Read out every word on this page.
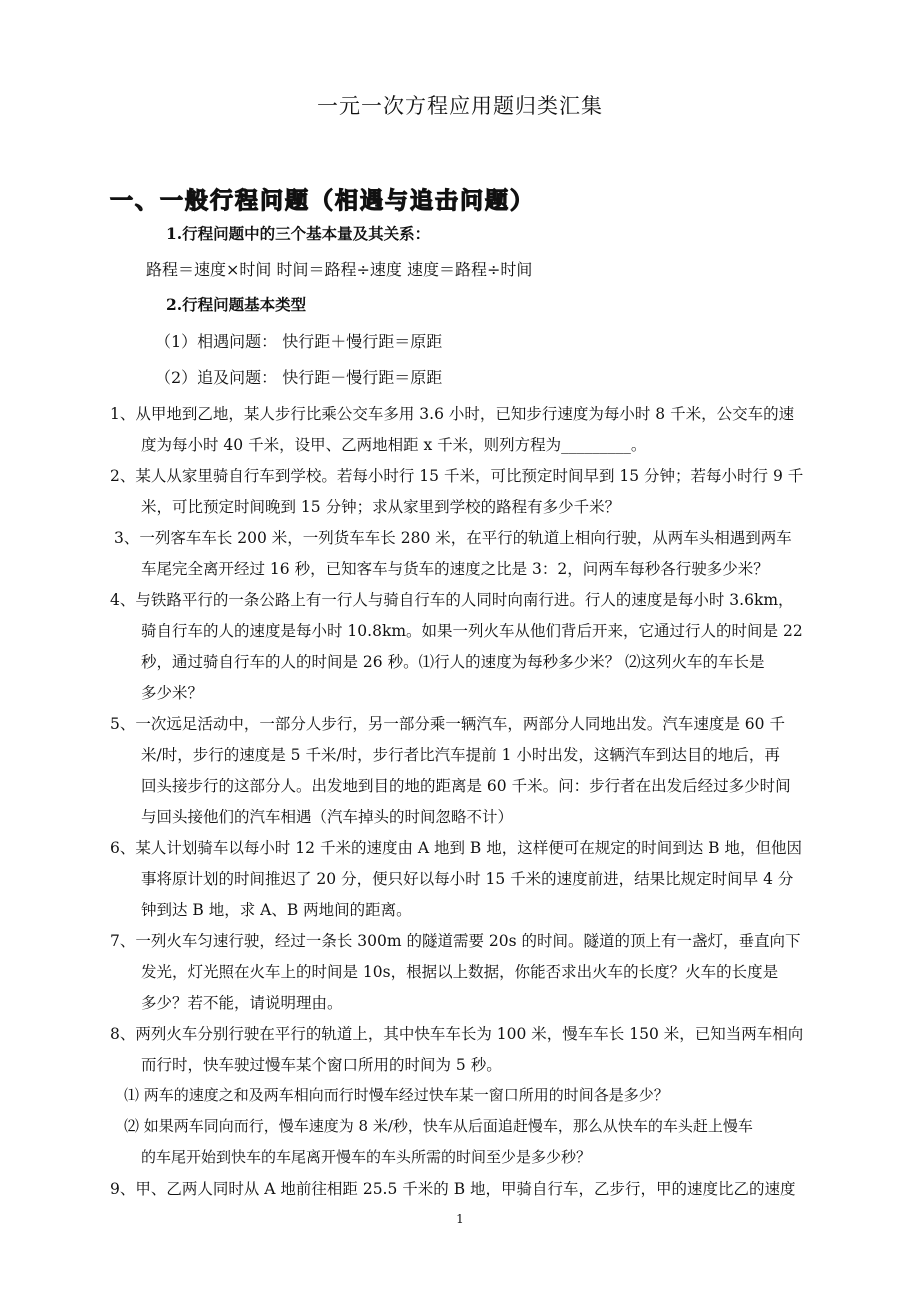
一元一次方程应用题归类汇集
一、一般行程问题（相遇与追击问题）
1.行程问题中的三个基本量及其关系：
路程＝速度×时间 时间＝路程÷速度 速度＝路程÷时间
2.行程问题基本类型
（1）相遇问题： 快行距＋慢行距＝原距
（2）追及问题： 快行距－慢行距＝原距
1、从甲地到乙地，某人步行比乘公交车多用 3.6 小时，已知步行速度为每小时 8 千米，公交车的速
度为每小时 40 千米，设甲、乙两地相距 x 千米，则列方程为_________。
2、某人从家里骑自行车到学校。若每小时行 15 千米，可比预定时间早到 15 分钟；若每小时行 9 千
米，可比预定时间晚到 15 分钟；求从家里到学校的路程有多少千米？
3、一列客车车长 200 米，一列货车车长 280 米，在平行的轨道上相向行驶，从两车头相遇到两车
车尾完全离开经过 16 秒，已知客车与货车的速度之比是 3：2，问两车每秒各行驶多少米？
4、与铁路平行的一条公路上有一行人与骑自行车的人同时向南行进。行人的速度是每小时 3.6km，
骑自行车的人的速度是每小时 10.8km。如果一列火车从他们背后开来，它通过行人的时间是 22
秒，通过骑自行车的人的时间是 26 秒。⑴行人的速度为每秒多少米？ ⑵这列火车的车长是
多少米？
5、一次远足活动中，一部分人步行，另一部分乘一辆汽车，两部分人同地出发。汽车速度是 60 千
米/时，步行的速度是 5 千米/时，步行者比汽车提前 1 小时出发，这辆汽车到达目的地后，再
回头接步行的这部分人。出发地到目的地的距离是 60 千米。问：步行者在出发后经过多少时间
与回头接他们的汽车相遇（汽车掉头的时间忽略不计）
6、某人计划骑车以每小时 12 千米的速度由 A 地到 B 地，这样便可在规定的时间到达 B 地，但他因
事将原计划的时间推迟了 20 分，便只好以每小时 15 千米的速度前进，结果比规定时间早 4 分
钟到达 B 地，求 A、B 两地间的距离。
7、一列火车匀速行驶，经过一条长 300m 的隧道需要 20s 的时间。隧道的顶上有一盏灯，垂直向下
发光，灯光照在火车上的时间是 10s，根据以上数据，你能否求出火车的长度？火车的长度是
多少？若不能，请说明理由。
8、两列火车分别行驶在平行的轨道上，其中快车车长为 100 米，慢车车长 150 米，已知当两车相向
而行时，快车驶过慢车某个窗口所用的时间为 5 秒。
⑴ 两车的速度之和及两车相向而行时慢车经过快车某一窗口所用的时间各是多少？
⑵ 如果两车同向而行，慢车速度为 8 米/秒，快车从后面追赶慢车，那么从快车的车头赶上慢车
的车尾开始到快车的车尾离开慢车的车头所需的时间至少是多少秒？
9、甲、乙两人同时从 A 地前往相距 25.5 千米的 B 地，甲骑自行车，乙步行，甲的速度比乙的速度
1
